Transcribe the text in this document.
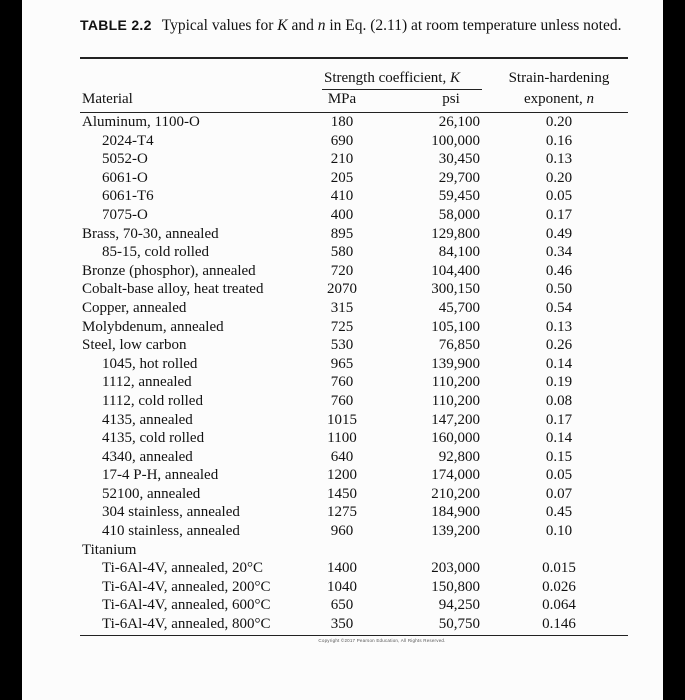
TABLE 2.2 Typical values for K and n in Eq. (2.11) at room temperature unless noted.
Material
Strength coefficient, K
MPa	psi
Strain-hardening
exponent, n
Aluminum, 1100-O	180	26,100	0.20
2024-T4	690	100,000	0.16
5052-O	210	30,450	0.13
6061-O	205	29,700	0.20
6061-T6	410	59,450	0.05
7075-O	400	58,000	0.17
Brass, 70-30, annealed	895	129,800	0.49
85-15, cold rolled	580	84,100	0.34
Bronze (phosphor), annealed	720	104,400	0.46
Cobalt-base alloy, heat treated	2070	300,150	0.50
Copper, annealed	315	45,700	0.54
Molybdenum, annealed	725	105,100	0.13
Steel, low carbon	530	76,850	0.26
1045, hot rolled	965	139,900	0.14
1112, annealed	760	110,200	0.19
1112, cold rolled	760	110,200	0.08
4135, annealed	1015	147,200	0.17
4135, cold rolled	1100	160,000	0.14
4340, annealed	640	92,800	0.15
17-4 P-H, annealed	1200	174,000	0.05
52100, annealed	1450	210,200	0.07
304 stainless, annealed	1275	184,900	0.45
410 stainless, annealed	960	139,200	0.10
Titanium
Ti-6Al-4V, annealed, 20°C	1400	203,000	0.015
Ti-6Al-4V, annealed, 200°C	1040	150,800	0.026
Ti-6Al-4V, annealed, 600°C	650	94,250	0.064
Ti-6Al-4V, annealed, 800°C	350	50,750	0.146
Copyright ©2017 Pearson Education, All Rights Reserved.
